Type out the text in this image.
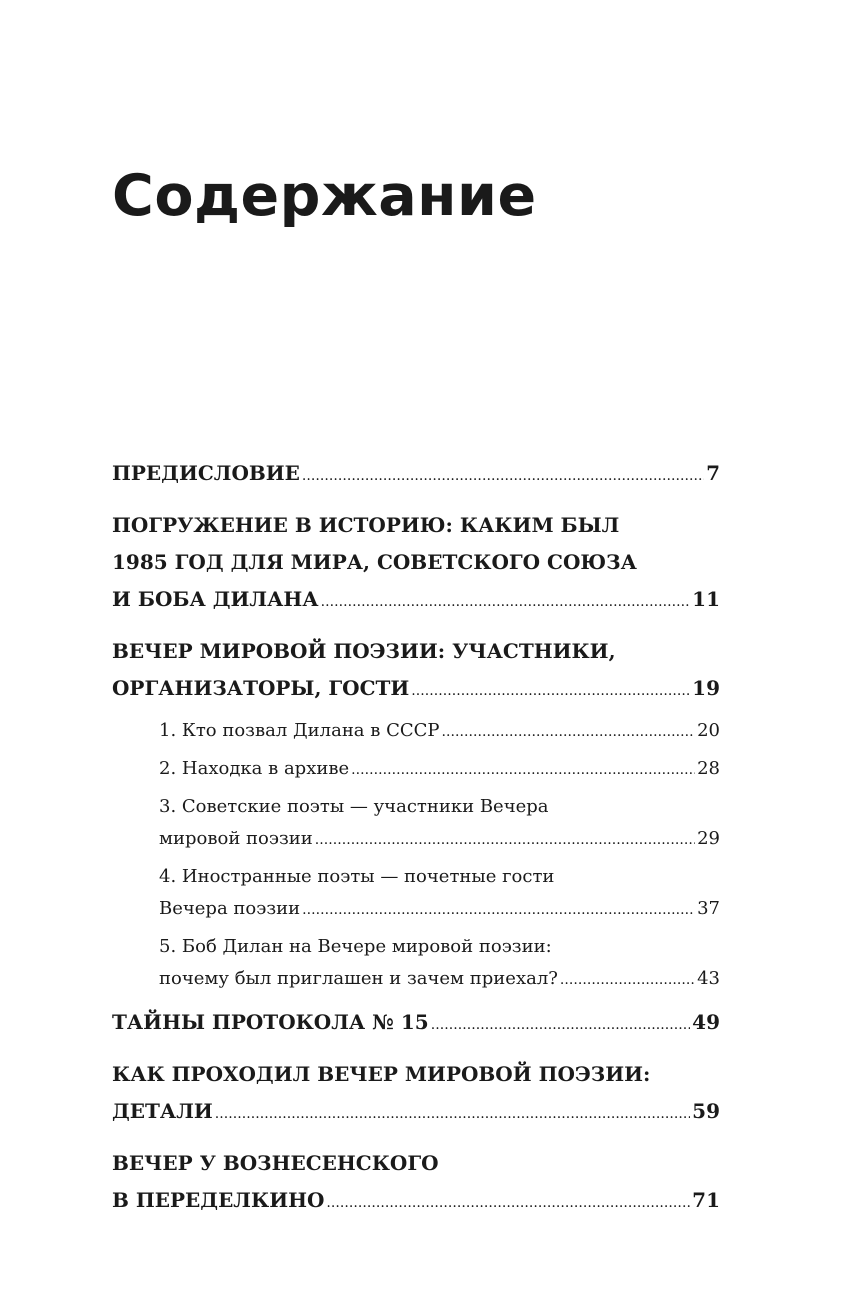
Содержание
ПРЕДИСЛОВИЕ . . .	7
ПОГРУЖЕНИЕ В ИСТОРИЮ: КАКИМ БЫЛ
1985 ГОД ДЛЯ МИРА, СОВЕТСКОГО СОЮЗА
И БОБА ДИЛАНА . . .	11
ВЕЧЕР МИРОВОЙ ПОЭЗИИ: УЧАСТНИКИ,
ОРГАНИЗАТОРЫ, ГОСТИ . . .	19
1. Кто позвал Дилана в СССР . . .	20
2. Находка в архиве . . .	28
3. Советские поэты — участники Вечера
мировой поэзии . . .	29
4. Иностранные поэты — почетные гости
Вечера поэзии . . .	37
5. Боб Дилан на Вечере мировой поэзии:
почему был приглашен и зачем приехал? . . .	43
ТАЙНЫ ПРОТОКОЛА № 15 . . .	49
КАК ПРОХОДИЛ ВЕЧЕР МИРОВОЙ ПОЭЗИИ:
ДЕТАЛИ . . .	59
ВЕЧЕР У ВОЗНЕСЕНСКОГО
В ПЕРЕДЕЛКИНО . . .	71
